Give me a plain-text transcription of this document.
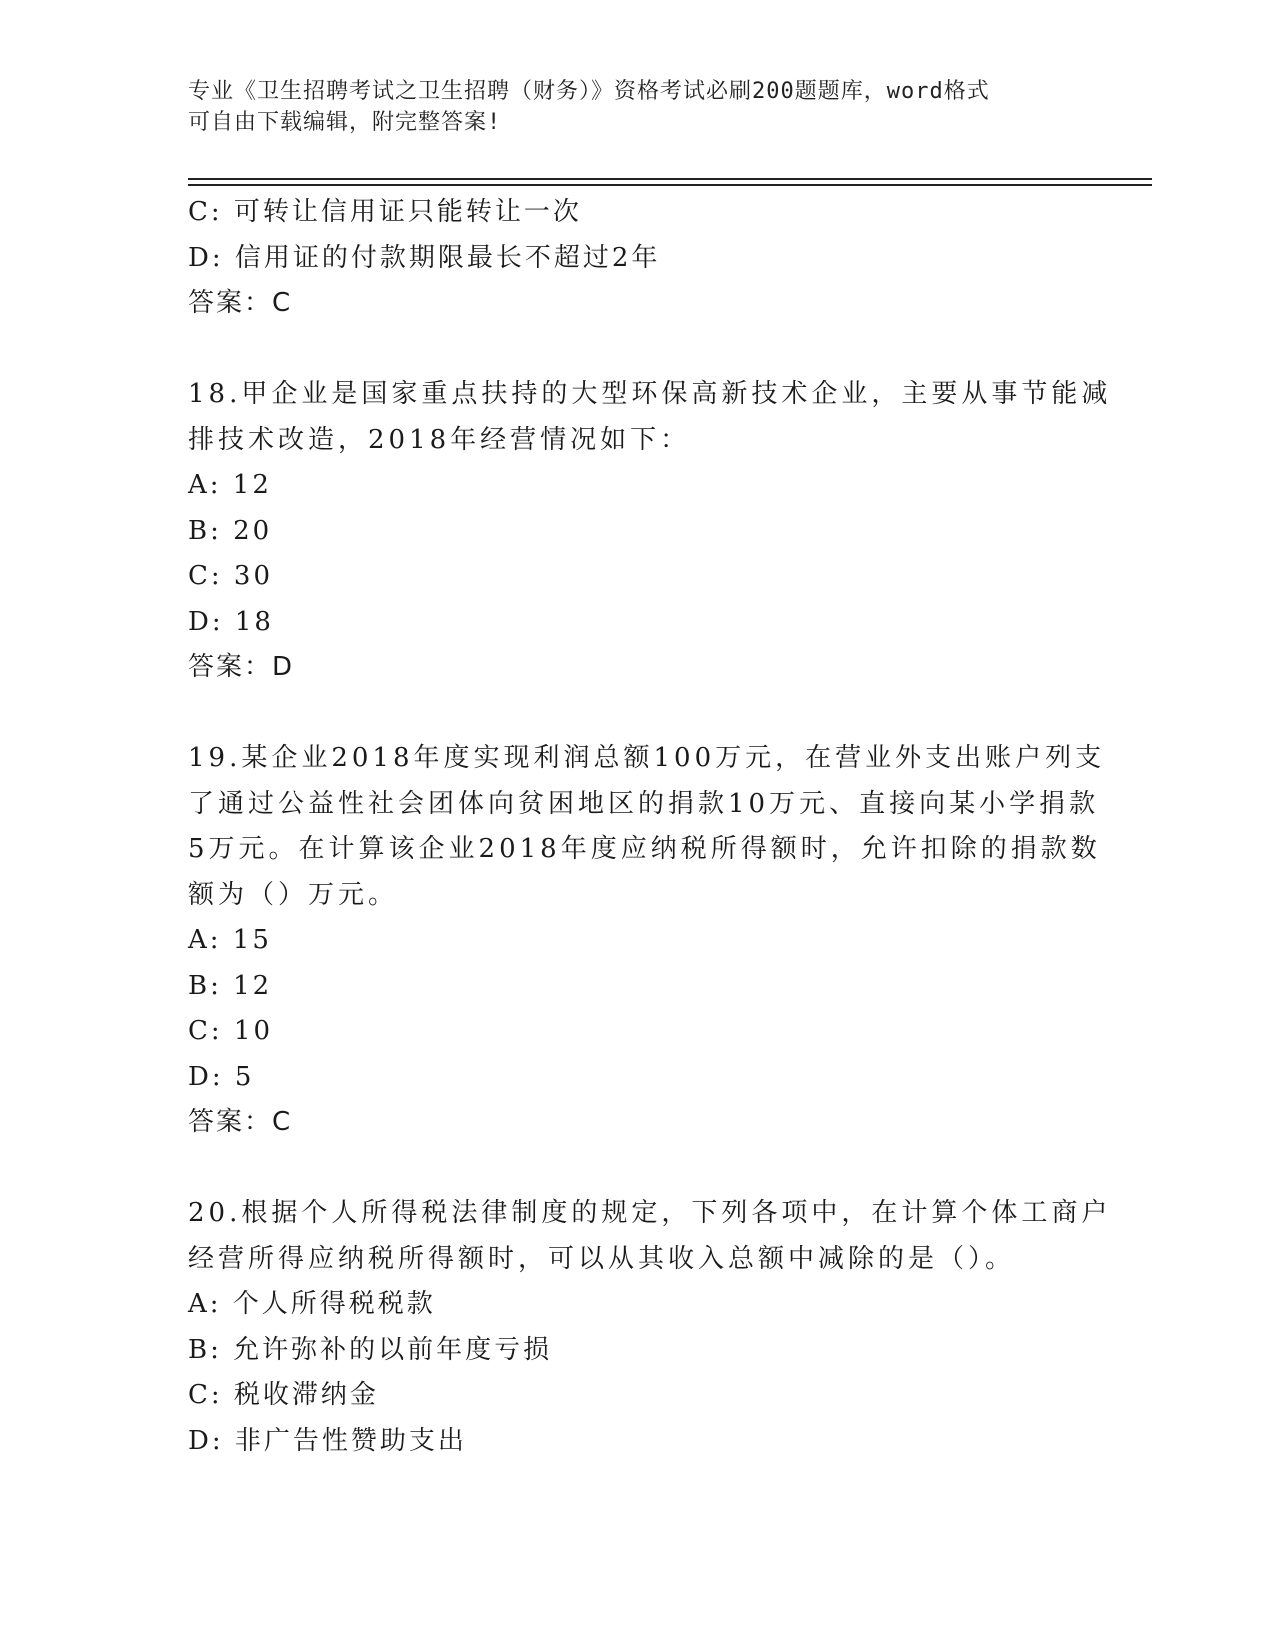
专业《卫生招聘考试之卫生招聘（财务）》资格考试必刷200题题库，word格式
可自由下载编辑，附完整答案!
C: 可转让信用证只能转让一次
D: 信用证的付款期限最长不超过2年
答案：C
18.甲企业是国家重点扶持的大型环保高新技术企业，主要从事节能减
排技术改造，2018年经营情况如下：
A: 12
B: 20
C: 30
D: 18
答案：D
19.某企业2018年度实现利润总额100万元，在营业外支出账户列支
了通过公益性社会团体向贫困地区的捐款10万元、直接向某小学捐款
5万元。在计算该企业2018年度应纳税所得额时，允许扣除的捐款数
额为（）万元。
A: 15
B: 12
C: 10
D: 5
答案：C
20.根据个人所得税法律制度的规定，下列各项中，在计算个体工商户
经营所得应纳税所得额时，可以从其收入总额中减除的是（）。
A: 个人所得税税款
B: 允许弥补的以前年度亏损
C: 税收滞纳金
D: 非广告性赞助支出
